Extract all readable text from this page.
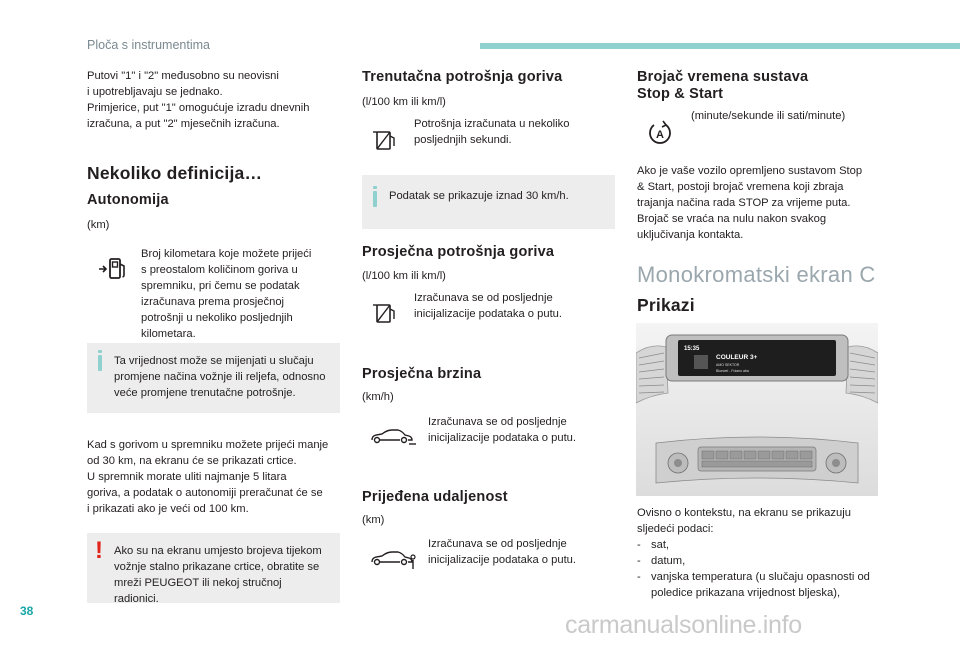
Ploča s instrumentima

Putovi "1" i "2" međusobno su neovisni

i upotrebljavaju se jednako.

Primjerice, put "1" omogućuje izradu dnevnih

izračuna, a put "2" mjesečnih izračuna.

Nekoliko definicija…
Autonomija
(km)

Broj kilometara koje možete prijeći

s preostalom količinom goriva u

spremniku, pri čemu se podatak

izračunava prema prosječnoj

potrošnji u nekoliko posljednjih

kilometara.

Ta vrijednost može se mijenjati u slučaju

promjene načina vožnje ili reljefa, odnosno

veće promjene trenutačne potrošnje.

Kad s gorivom u spremniku možete prijeći manje

od 30 km, na ekranu će se prikazati crtice.

U spremnik morate uliti najmanje 5 litara

goriva, a podatak o autonomiji preračunat će se

i prikazati ako je veći od 100 km.

! Ako su na ekranu umjesto brojeva tijekom

vožnje stalno prikazane crtice, obratite se

mreži PEUGEOT ili nekoj stručnoj radionici.

Trenutačna potrošnja goriva
(l/100 km ili km/l)

Potrošnja izračunata u nekoliko

posljednjih sekundi.

Podatak se prikazuje iznad 30 km/h.

Prosječna potrošnja goriva
(l/100 km ili km/l)

Izračunava se od posljednje

inicijalizacije podataka o putu.

Prosječna brzina
(km/h)

Izračunava se od posljednje

inicijalizacije podataka o putu.

Prijeđena udaljenost
(km)

Izračunava se od posljednje

inicijalizacije podataka o putu.

Brojač vremena sustava

Stop & Start

A
(minute/sekunde ili sati/minute)

Ako je vaše vozilo opremljeno sustavom Stop

& Start, postoji brojač vremena koji zbraja

trajanja načina rada STOP za vrijeme puta.

Brojač se vraća na nulu nakon svakog

uključivanja kontakta.

Monokromatski ekran C
Prikazi
15:35
COULEUR 3+
AMO SEKTOR
Bluewel - Fulano aba

Ovisno o kontekstu, na ekranu se prikazuju

sljedeći podaci:

- sat,

- datum,

- vanjska temperatura (u slučaju opasnosti od

poledice prikazana vrijednost bljeska),

38	carmanualsonline.info
